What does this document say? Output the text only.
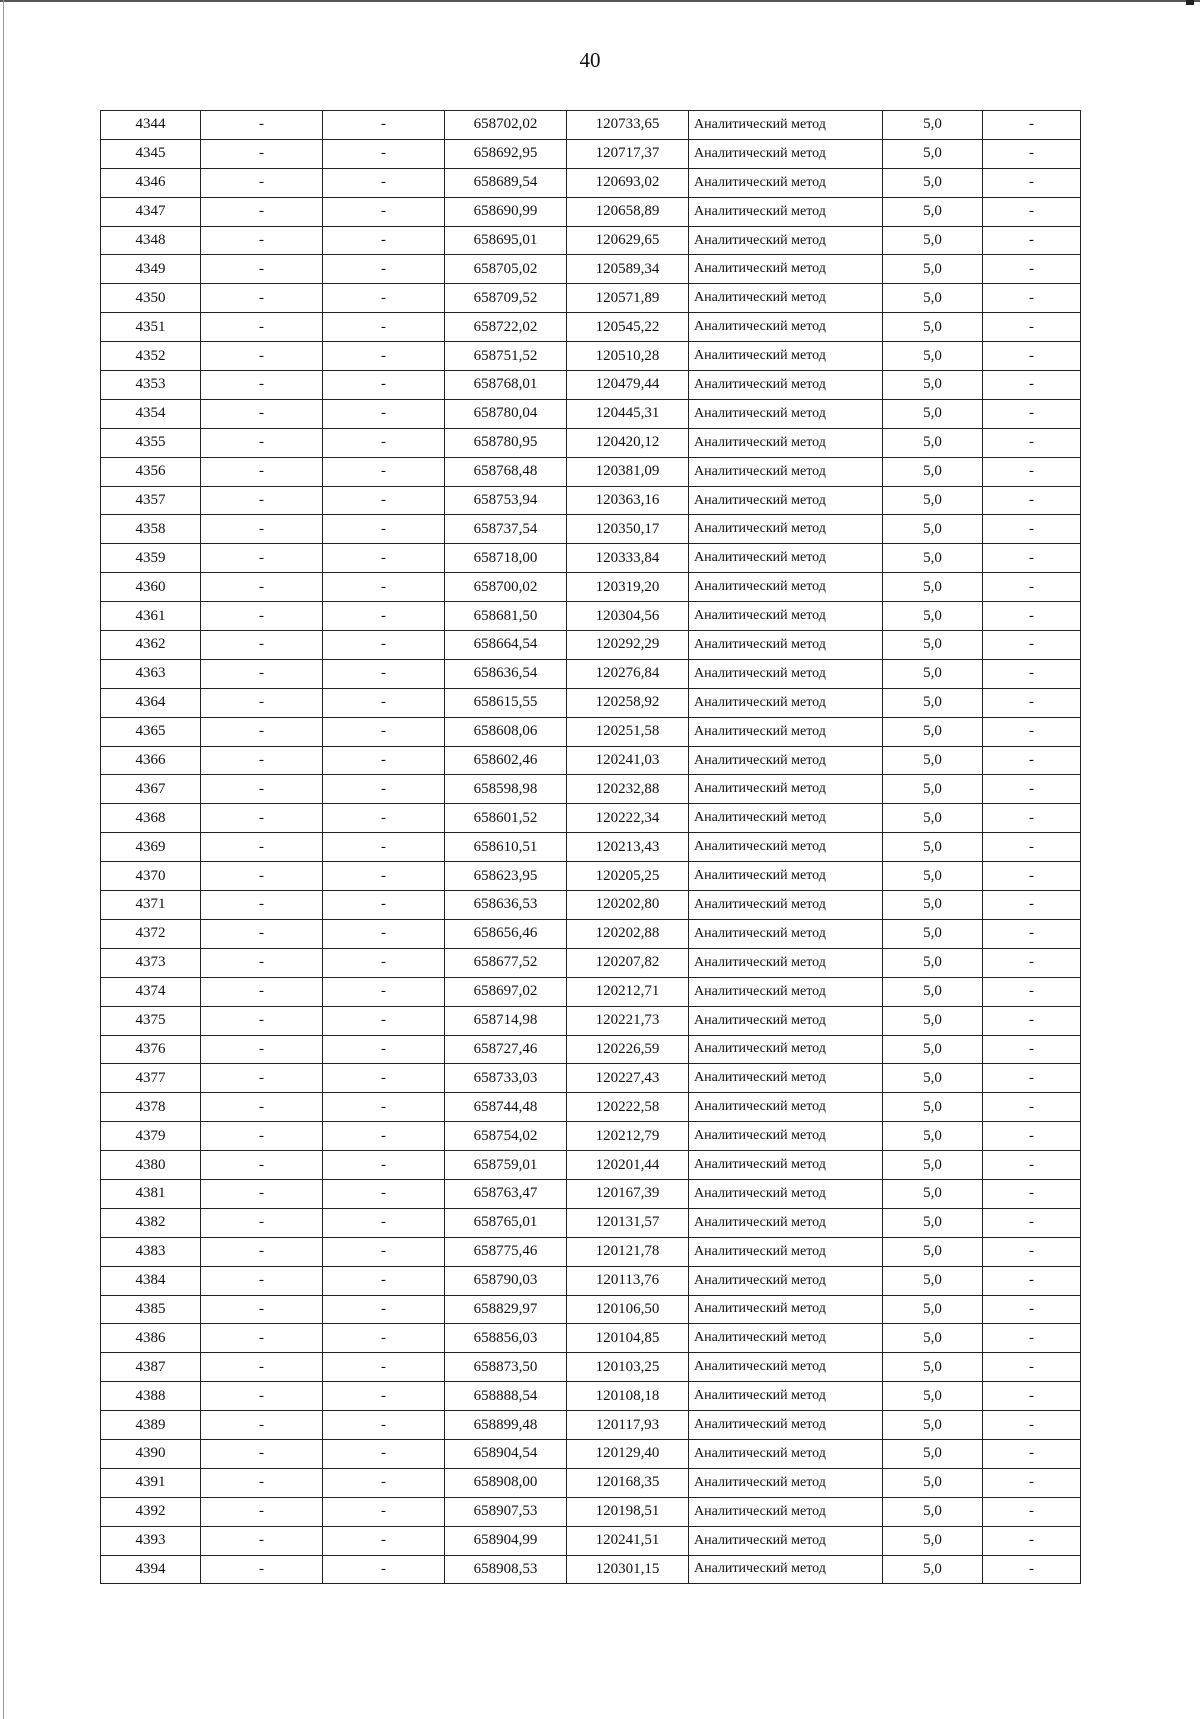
40
4344	-	-	658702,02	120733,65	Аналитический метод	5,0	-
4345	-	-	658692,95	120717,37	Аналитический метод	5,0	-
4346	-	-	658689,54	120693,02	Аналитический метод	5,0	-
4347	-	-	658690,99	120658,89	Аналитический метод	5,0	-
4348	-	-	658695,01	120629,65	Аналитический метод	5,0	-
4349	-	-	658705,02	120589,34	Аналитический метод	5,0	-
4350	-	-	658709,52	120571,89	Аналитический метод	5,0	-
4351	-	-	658722,02	120545,22	Аналитический метод	5,0	-
4352	-	-	658751,52	120510,28	Аналитический метод	5,0	-
4353	-	-	658768,01	120479,44	Аналитический метод	5,0	-
4354	-	-	658780,04	120445,31	Аналитический метод	5,0	-
4355	-	-	658780,95	120420,12	Аналитический метод	5,0	-
4356	-	-	658768,48	120381,09	Аналитический метод	5,0	-
4357	-	-	658753,94	120363,16	Аналитический метод	5,0	-
4358	-	-	658737,54	120350,17	Аналитический метод	5,0	-
4359	-	-	658718,00	120333,84	Аналитический метод	5,0	-
4360	-	-	658700,02	120319,20	Аналитический метод	5,0	-
4361	-	-	658681,50	120304,56	Аналитический метод	5,0	-
4362	-	-	658664,54	120292,29	Аналитический метод	5,0	-
4363	-	-	658636,54	120276,84	Аналитический метод	5,0	-
4364	-	-	658615,55	120258,92	Аналитический метод	5,0	-
4365	-	-	658608,06	120251,58	Аналитический метод	5,0	-
4366	-	-	658602,46	120241,03	Аналитический метод	5,0	-
4367	-	-	658598,98	120232,88	Аналитический метод	5,0	-
4368	-	-	658601,52	120222,34	Аналитический метод	5,0	-
4369	-	-	658610,51	120213,43	Аналитический метод	5,0	-
4370	-	-	658623,95	120205,25	Аналитический метод	5,0	-
4371	-	-	658636,53	120202,80	Аналитический метод	5,0	-
4372	-	-	658656,46	120202,88	Аналитический метод	5,0	-
4373	-	-	658677,52	120207,82	Аналитический метод	5,0	-
4374	-	-	658697,02	120212,71	Аналитический метод	5,0	-
4375	-	-	658714,98	120221,73	Аналитический метод	5,0	-
4376	-	-	658727,46	120226,59	Аналитический метод	5,0	-
4377	-	-	658733,03	120227,43	Аналитический метод	5,0	-
4378	-	-	658744,48	120222,58	Аналитический метод	5,0	-
4379	-	-	658754,02	120212,79	Аналитический метод	5,0	-
4380	-	-	658759,01	120201,44	Аналитический метод	5,0	-
4381	-	-	658763,47	120167,39	Аналитический метод	5,0	-
4382	-	-	658765,01	120131,57	Аналитический метод	5,0	-
4383	-	-	658775,46	120121,78	Аналитический метод	5,0	-
4384	-	-	658790,03	120113,76	Аналитический метод	5,0	-
4385	-	-	658829,97	120106,50	Аналитический метод	5,0	-
4386	-	-	658856,03	120104,85	Аналитический метод	5,0	-
4387	-	-	658873,50	120103,25	Аналитический метод	5,0	-
4388	-	-	658888,54	120108,18	Аналитический метод	5,0	-
4389	-	-	658899,48	120117,93	Аналитический метод	5,0	-
4390	-	-	658904,54	120129,40	Аналитический метод	5,0	-
4391	-	-	658908,00	120168,35	Аналитический метод	5,0	-
4392	-	-	658907,53	120198,51	Аналитический метод	5,0	-
4393	-	-	658904,99	120241,51	Аналитический метод	5,0	-
4394	-	-	658908,53	120301,15	Аналитический метод	5,0	-
